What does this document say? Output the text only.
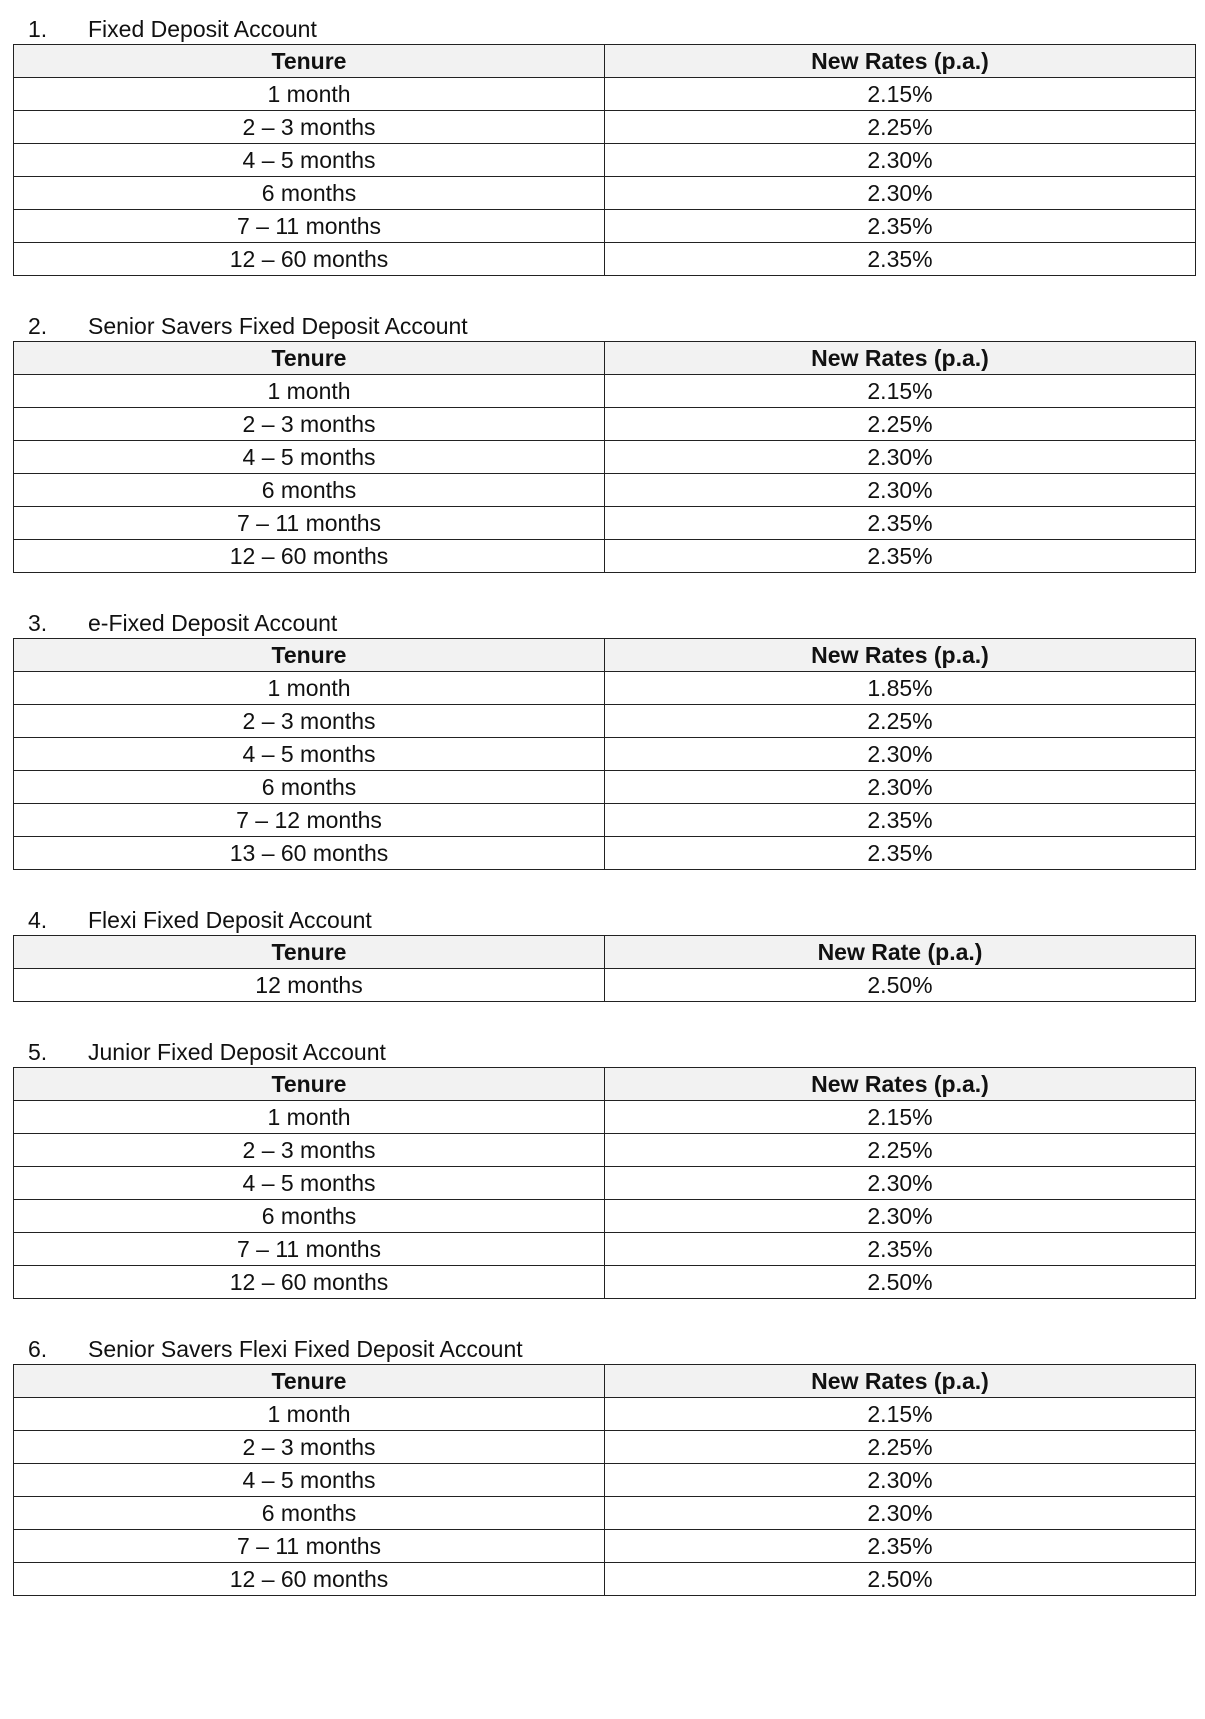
1.	Fixed Deposit Account
Tenure	New Rates (p.a.)
1 month	2.15%
2 – 3 months	2.25%
4 – 5 months	2.30%
6 months	2.30%
7 – 11 months	2.35%
12 – 60 months	2.35%
2.	Senior Savers Fixed Deposit Account
Tenure	New Rates (p.a.)
1 month	2.15%
2 – 3 months	2.25%
4 – 5 months	2.30%
6 months	2.30%
7 – 11 months	2.35%
12 – 60 months	2.35%
3.	e-Fixed Deposit Account
Tenure	New Rates (p.a.)
1 month	1.85%
2 – 3 months	2.25%
4 – 5 months	2.30%
6 months	2.30%
7 – 12 months	2.35%
13 – 60 months	2.35%
4.	Flexi Fixed Deposit Account
Tenure	New Rate (p.a.)
12 months	2.50%
5.	Junior Fixed Deposit Account
Tenure	New Rates (p.a.)
1 month	2.15%
2 – 3 months	2.25%
4 – 5 months	2.30%
6 months	2.30%
7 – 11 months	2.35%
12 – 60 months	2.50%
6.	Senior Savers Flexi Fixed Deposit Account
Tenure	New Rates (p.a.)
1 month	2.15%
2 – 3 months	2.25%
4 – 5 months	2.30%
6 months	2.30%
7 – 11 months	2.35%
12 – 60 months	2.50%
